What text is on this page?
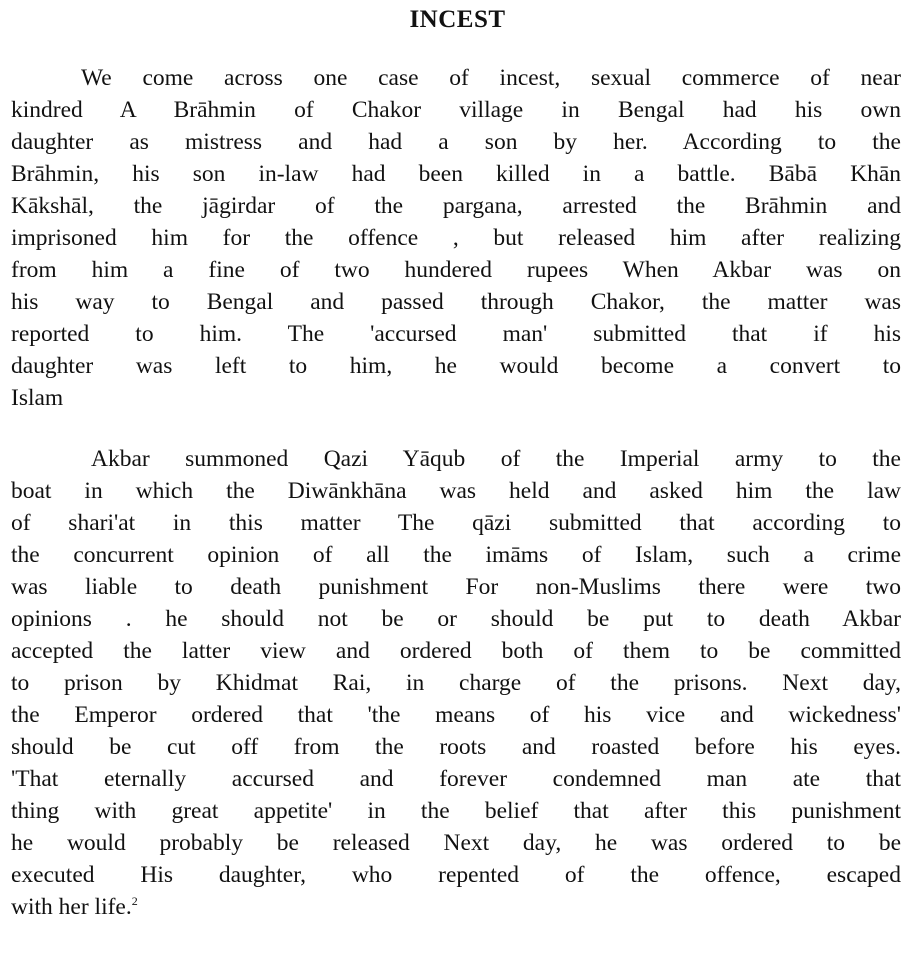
INCEST
We come across one case of incest, sexual commerce of near
kindred A Brāhmin of Chakor village in Bengal had his own
daughter as mistress and had a son by her. According to the
Brāhmin, his son in-law had been killed in a battle. Bābā Khān
Kākshāl, the jāgirdar of the pargana, arrested the Brāhmin and
imprisoned him for the offence , but released him after realizing
from him a fine of two hundered rupees When Akbar was on
his way to Bengal and passed through Chakor, the matter was
reported to him. The 'accursed man' submitted that if his
daughter was left to him, he would become a convert to
Islam
Akbar summoned Qazi Yāqub of the Imperial army to the
boat in which the Diwānkhāna was held and asked him the law
of shari'at in this matter The qāzi submitted that according to
the concurrent opinion of all the imāms of Islam, such a crime
was liable to death punishment For non-Muslims there were two
opinions . he should not be or should be put to death Akbar
accepted the latter view and ordered both of them to be committed
to prison by Khidmat Rai, in charge of the prisons. Next day,
the Emperor ordered that 'the means of his vice and wickedness'
should be cut off from the roots and roasted before his eyes.
'That eternally accursed and forever condemned man ate that
thing with great appetite' in the belief that after this punishment
he would probably be released Next day, he was ordered to be
executed His daughter, who repented of the offence, escaped
with her life.$^2$
